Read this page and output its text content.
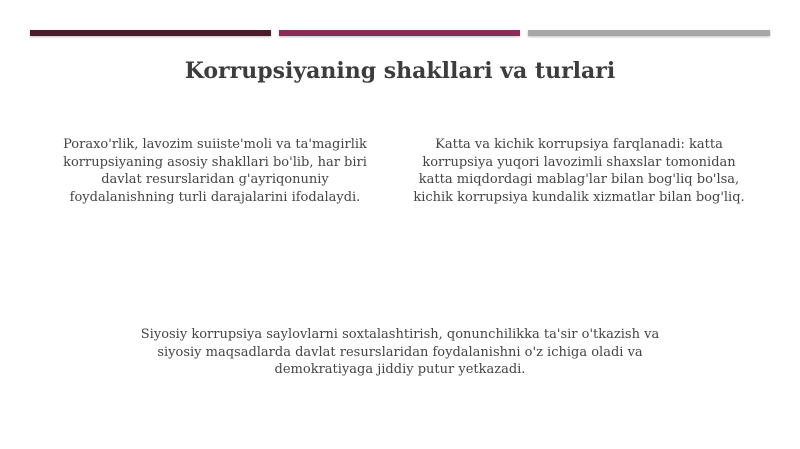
Korrupsiyaning shakllari va turlari
Poraxo'rlik, lavozim suiiste'moli va ta'magirlik korrupsiyaning asosiy shakllari bo'lib, har biri davlat resurslaridan g'ayriqonuniy foydalanishning turli darajalarini ifodalaydi.
Katta va kichik korrupsiya farqlanadi: katta korrupsiya yuqori lavozimli shaxslar tomonidan katta miqdordagi mablag'lar bilan bog'liq bo'lsa, kichik korrupsiya kundalik xizmatlar bilan bog'liq.
Siyosiy korrupsiya saylovlarni soxtalashtirish, qonunchilikka ta'sir o'tkazish va siyosiy maqsadlarda davlat resurslaridan foydalanishni o'z ichiga oladi va demokratiyaga jiddiy putur yetkazadi.
